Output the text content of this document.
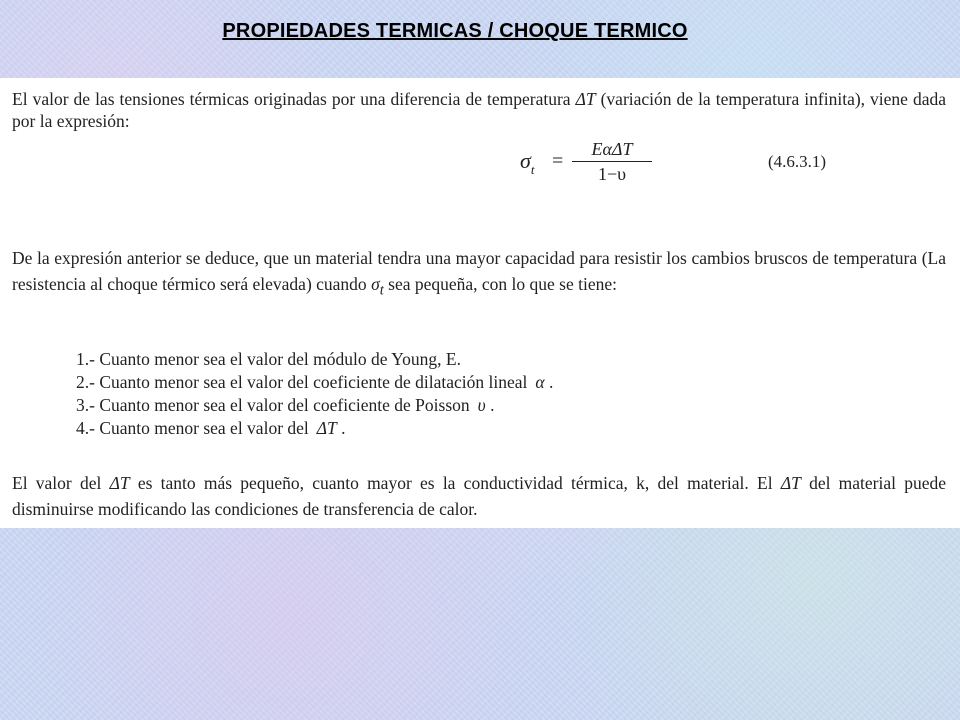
PROPIEDADES TERMICAS / CHOQUE TERMICO

El valor de las tensiones térmicas originadas por una diferencia de temperatura ΔT (variación de la temperatura infinita), viene dada por la expresión:

$\sigma_t$ =
EαΔT
1−υ
(4.6.3.1)

De la expresión anterior se deduce, que un material tendra una mayor capacidad para resistir los cambios bruscos de temperatura (La resistencia al choque térmico será elevada) cuando $\sigma_t$ sea pequeña, con lo que se tiene:

1.- Cuanto menor sea el valor del módulo de Young, E.
2.- Cuanto menor sea el valor del coeficiente de dilatación lineal α .
3.- Cuanto menor sea el valor del coeficiente de Poisson υ .
4.- Cuanto menor sea el valor del ΔT .

El valor del ΔT es tanto más pequeño, cuanto mayor es la conductividad térmica, k, del material. El ΔT del material puede disminuirse modificando las condiciones de transferencia de calor.
